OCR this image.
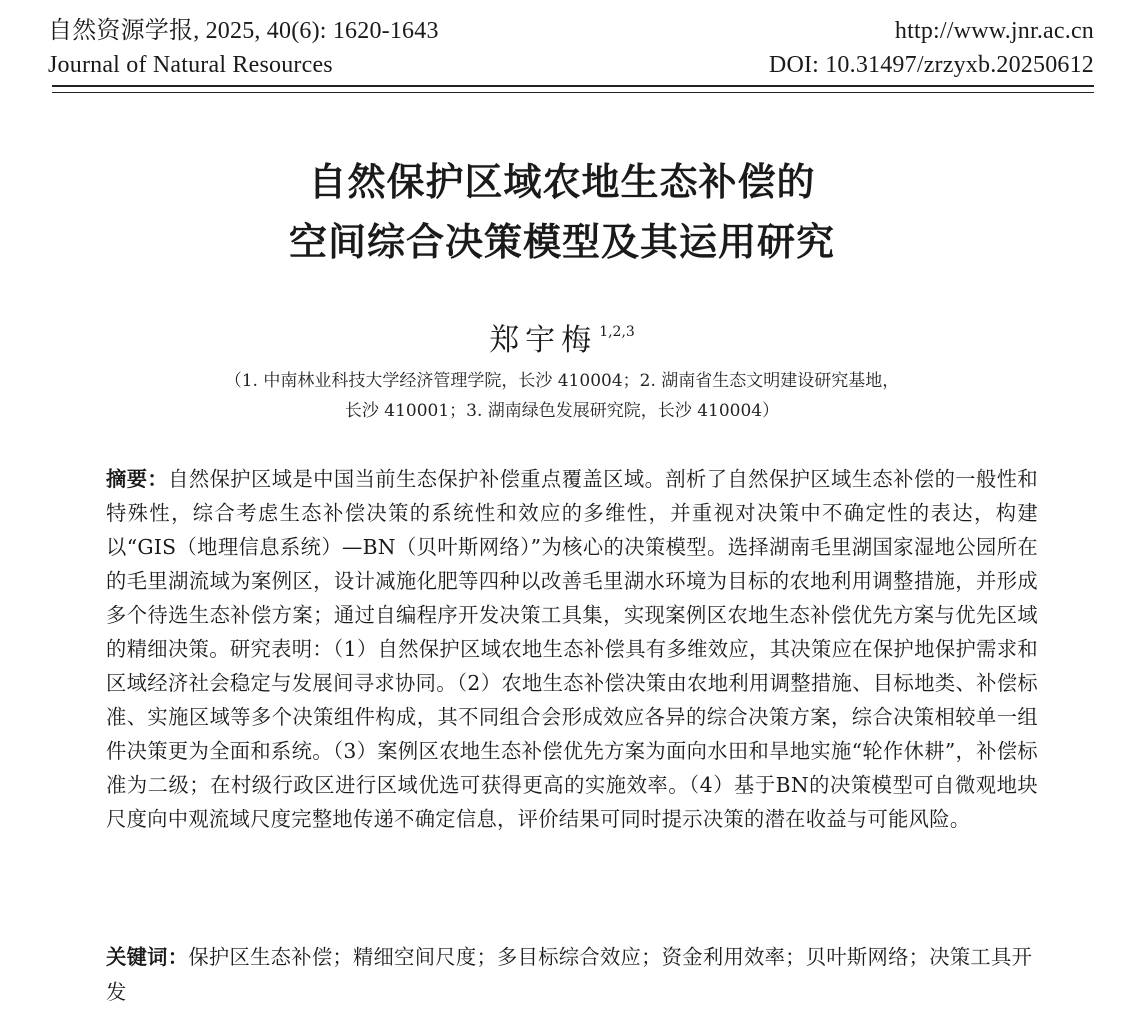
自然资源学报, 2025, 40(6): 1620-1643	http://www.jnr.ac.cn
Journal of Natural Resources	DOI: 10.31497/zrzyxb.20250612
自然保护区域农地生态补偿的
空间综合决策模型及其运用研究
郑宇梅 $^{1,2,3}$
（1. 中南林业科技大学经济管理学院，长沙 410004；2. 湖南省生态文明建设研究基地，
长沙 410001；3. 湖南绿色发展研究院，长沙 410004）

摘要：自然保护区域是中国当前生态保护补偿重点覆盖区域。剖析了自然保护区域生态补偿的一般性和特殊性，综合考虑生态补偿决策的系统性和效应的多维性，并重视对决策中不确定性的表达，构建以“GIS（地理信息系统）—BN（贝叶斯网络）”为核心的决策模型。选择湖南毛里湖国家湿地公园所在的毛里湖流域为案例区，设计减施化肥等四种以改善毛里湖水环境为目标的农地利用调整措施，并形成多个待选生态补偿方案；通过自编程序开发决策工具集，实现案例区农地生态补偿优先方案与优先区域的精细决策。研究表明：（1）自然保护区域农地生态补偿具有多维效应，其决策应在保护地保护需求和区域经济社会稳定与发展间寻求协同。（2）农地生态补偿决策由农地利用调整措施、目标地类、补偿标准、实施区域等多个决策组件构成，其不同组合会形成效应各异的综合决策方案，综合决策相较单一组件决策更为全面和系统。（3）案例区农地生态补偿优先方案为面向水田和旱地实施“轮作休耕”，补偿标准为二级；在村级行政区进行区域优选可获得更高的实施效率。（4）基于BN的决策模型可自微观地块尺度向中观流域尺度完整地传递不确定信息，评价结果可同时提示决策的潜在收益与可能风险。

关键词：保护区生态补偿；精细空间尺度；多目标综合效应；资金利用效率；贝叶斯网络；决策工具开发
